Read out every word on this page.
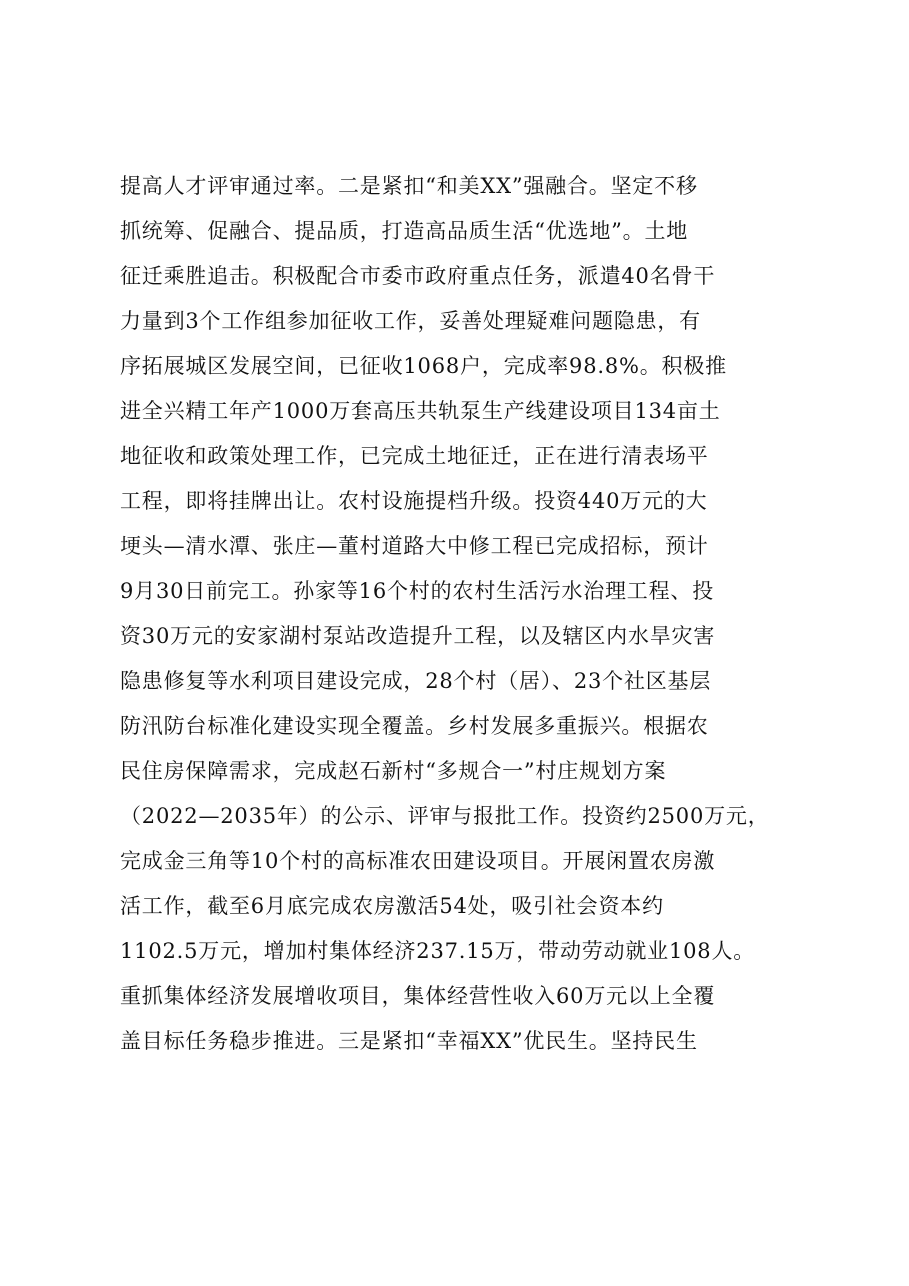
提高人才评审通过率。二是紧扣“和美XX”强融合。坚定不移
抓统筹、促融合、提品质，打造高品质生活“优选地”。土地
征迁乘胜追击。积极配合市委市政府重点任务，派遣40名骨干
力量到3个工作组参加征收工作，妥善处理疑难问题隐患，有
序拓展城区发展空间，已征收1068户，完成率98.8%。积极推
进全兴精工年产1000万套高压共轨泵生产线建设项目134亩土
地征收和政策处理工作，已完成土地征迁，正在进行清表场平
工程，即将挂牌出让。农村设施提档升级。投资440万元的大
埂头—清水潭、张庄—董村道路大中修工程已完成招标，预计
9月30日前完工。孙家等16个村的农村生活污水治理工程、投
资30万元的安家湖村泵站改造提升工程，以及辖区内水旱灾害
隐患修复等水利项目建设完成，28个村（居）、23个社区基层
防汛防台标准化建设实现全覆盖。乡村发展多重振兴。根据农
民住房保障需求，完成赵石新村“多规合一”村庄规划方案
（2022—2035年）的公示、评审与报批工作。投资约2500万元，
完成金三角等10个村的高标准农田建设项目。开展闲置农房激
活工作，截至6月底完成农房激活54处，吸引社会资本约
1102.5万元，增加村集体经济237.15万，带动劳动就业108人。
重抓集体经济发展增收项目，集体经营性收入60万元以上全覆
盖目标任务稳步推进。三是紧扣“幸福XX”优民生。坚持民生
